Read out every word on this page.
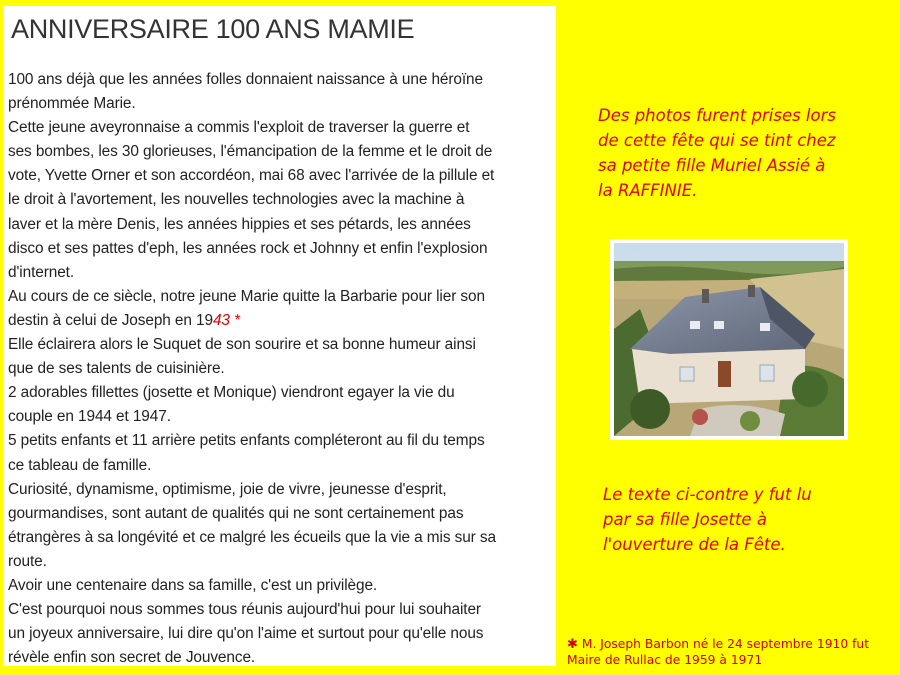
ANNIVERSAIRE 100 ANS MAMIE

100 ans déjà que les années folles donnaient naissance à une héroïne

prénommée Marie.

Cette jeune aveyronnaise a commis l'exploit de traverser la guerre et

ses bombes, les 30 glorieuses, l'émancipation de la femme et le droit de

vote, Yvette Orner et son accordéon, mai 68 avec l'arrivée de la pillule et

le droit à l'avortement, les nouvelles technologies avec la machine à

laver et la mère Denis, les années hippies et ses pétards, les années

disco et ses pattes d'eph, les années rock et Johnny et enfin l'explosion

d'internet.

Au cours de ce siècle, notre jeune Marie quitte la Barbarie pour lier son

destin à celui de Joseph en 1943 *

Elle éclairera alors le Suquet de son sourire et sa bonne humeur ainsi

que de ses talents de cuisinière.

2 adorables fillettes (josette et Monique) viendront egayer la vie du

couple en 1944 et 1947.

5 petits enfants et 11 arrière petits enfants compléteront au fil du temps

ce tableau de famille.

Curiosité, dynamisme, optimisme, joie de vivre, jeunesse d'esprit,

gourmandises, sont autant de qualités qui ne sont certainement pas

étrangères à sa longévité et ce malgré les écueils que la vie a mis sur sa

route.

Avoir une centenaire dans sa famille, c'est un privilège.

C'est pourquoi nous sommes tous réunis aujourd'hui pour lui souhaiter

un joyeux anniversaire, lui dire qu'on l'aime et surtout pour qu'elle nous

révèle enfin son secret de Jouvence.

Des photos furent prises lors

de cette fête qui se tint chez

sa petite fille Muriel Assié à

la RAFFINIE.

Le texte ci-contre y fut lu

par sa fille Josette à

l'ouverture de la Fête.

✱ M. Joseph Barbon né le 24 septembre 1910 fut

Maire de Rullac de 1959 à 1971
